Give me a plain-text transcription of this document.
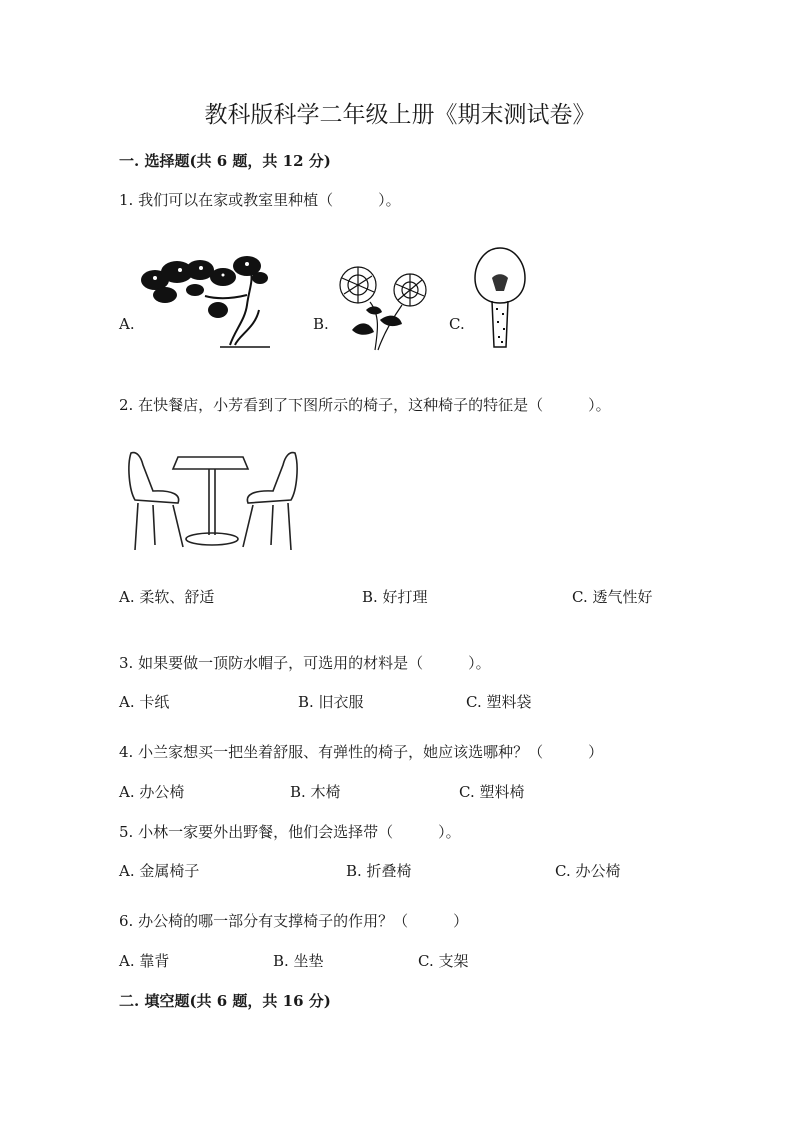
教科版科学二年级上册《期末测试卷》
一. 选择题(共 6 题，共 12 分)
1. 我们可以在家或教室里种植（　　　）。
A.	B.	C.
2. 在快餐店，小芳看到了下图所示的椅子，这种椅子的特征是（　　　）。
A. 柔软、舒适	B. 好打理	C. 透气性好
3. 如果要做一顶防水帽子，可选用的材料是（　　　）。
A. 卡纸	B. 旧衣服	C. 塑料袋
4. 小兰家想买一把坐着舒服、有弹性的椅子，她应该选哪种？（　　　）
A. 办公椅	B. 木椅	C. 塑料椅
5. 小林一家要外出野餐，他们会选择带（　　　）。
A. 金属椅子	B. 折叠椅	C. 办公椅
6. 办公椅的哪一部分有支撑椅子的作用？（　　　）
A. 靠背	B. 坐垫	C. 支架
二. 填空题(共 6 题，共 16 分)
